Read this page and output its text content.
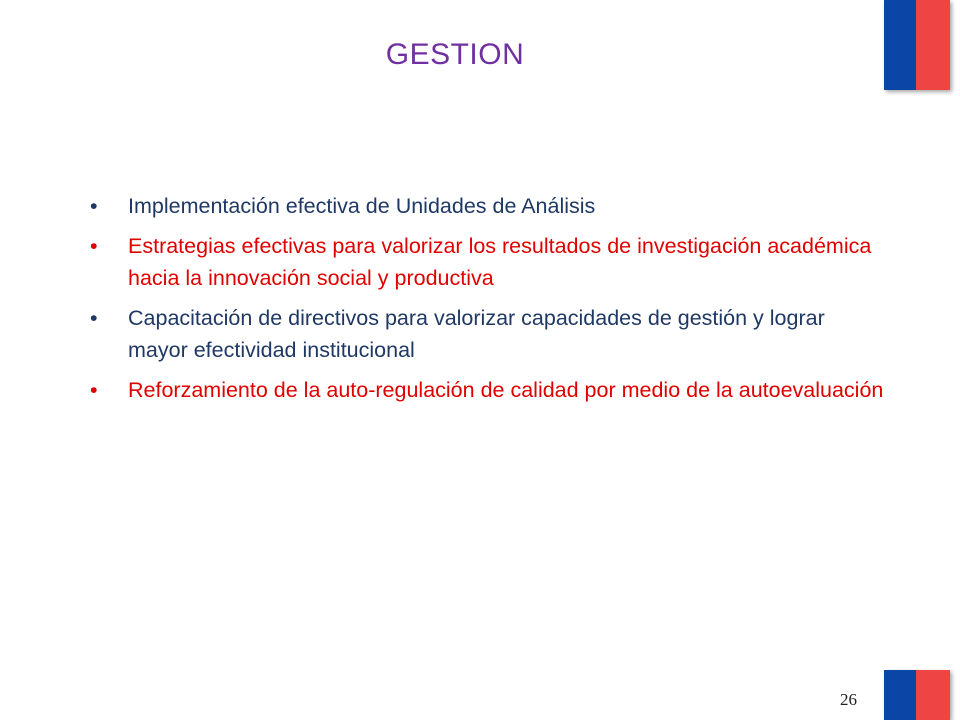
GESTION
• Implementación efectiva de Unidades de Análisis
• Estrategias efectivas para valorizar los resultados de investigación académica hacia la innovación social y productiva
• Capacitación de directivos para valorizar capacidades de gestión y lograr mayor efectividad institucional
• Reforzamiento de la auto-regulación de calidad por medio de la autoevaluación
26
